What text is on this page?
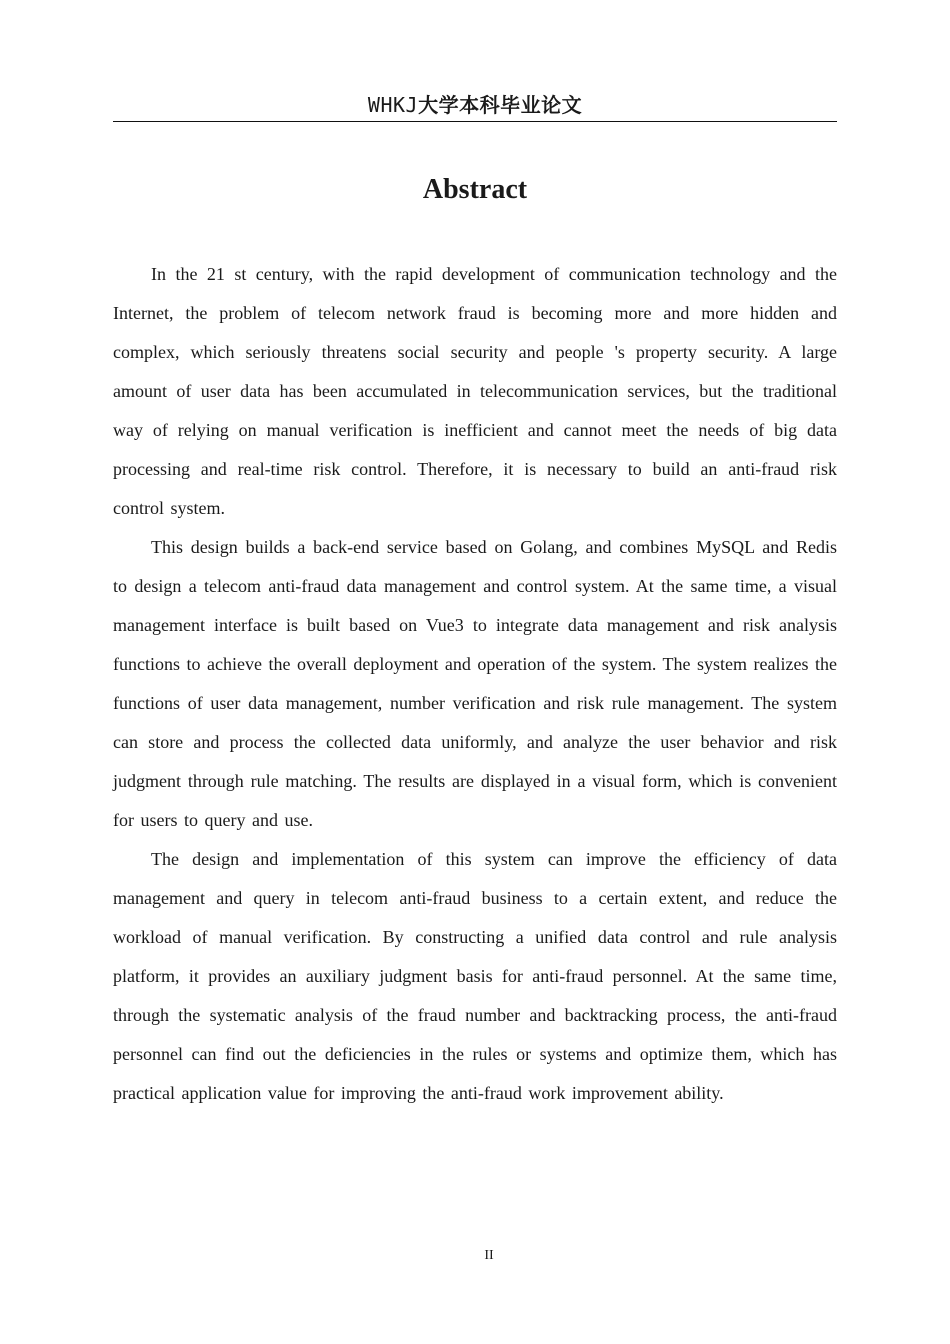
WHKJ大学本科毕业论文
Abstract

In the 21 st century, with the rapid development of communication technology and the Internet, the problem of telecom network fraud is becoming more and more hidden and complex, which seriously threatens social security and people 's property security. A large amount of user data has been accumulated in telecommunication services, but the traditional way of relying on manual verification is inefficient and cannot meet the needs of big data processing and real-time risk control. Therefore, it is necessary to build an anti-fraud risk control system.

This design builds a back-end service based on Golang, and combines MySQL and Redis to design a telecom anti-fraud data management and control system. At the same time, a visual management interface is built based on Vue3 to integrate data management and risk analysis functions to achieve the overall deployment and operation of the system. The system realizes the functions of user data management, number verification and risk rule management. The system can store and process the collected data uniformly, and analyze the user behavior and risk judgment through rule matching. The results are displayed in a visual form, which is convenient for users to query and use.

The design and implementation of this system can improve the efficiency of data management and query in telecom anti-fraud business to a certain extent, and reduce the workload of manual verification. By constructing a unified data control and rule analysis platform, it provides an auxiliary judgment basis for anti-fraud personnel. At the same time, through the systematic analysis of the fraud number and backtracking process, the anti-fraud personnel can find out the deficiencies in the rules or systems and optimize them, which has practical application value for improving the anti-fraud work improvement ability.

II
